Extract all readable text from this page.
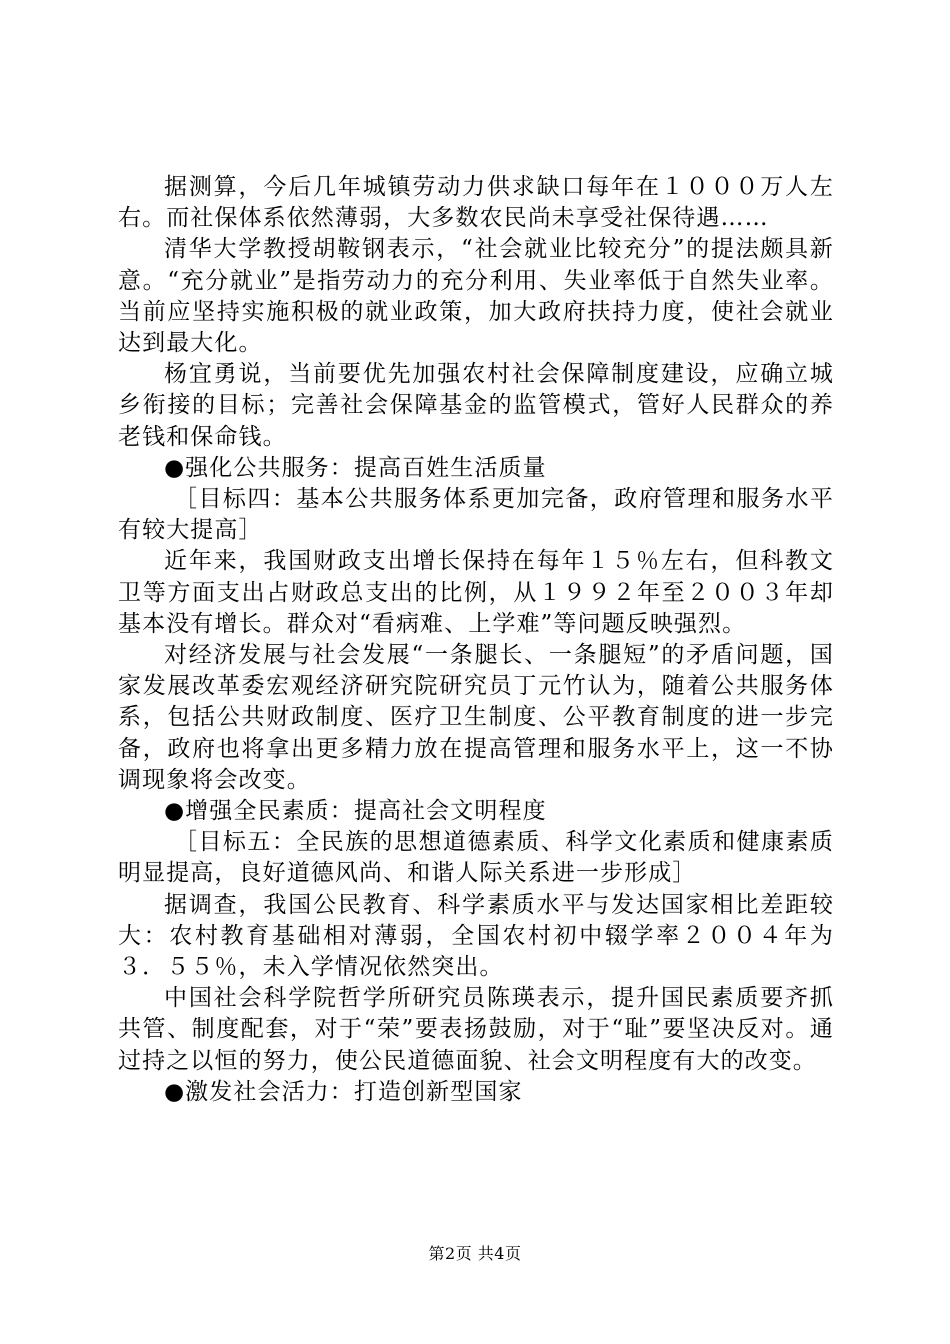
据测算，今后几年城镇劳动力供求缺口每年在１０００万人左右。而社保体系依然薄弱，大多数农民尚未享受社保待遇……

清华大学教授胡鞍钢表示，“社会就业比较充分”的提法颇具新意。“充分就业”是指劳动力的充分利用、失业率低于自然失业率。当前应坚持实施积极的就业政策，加大政府扶持力度，使社会就业达到最大化。

杨宜勇说，当前要优先加强农村社会保障制度建设，应确立城乡衔接的目标；完善社会保障基金的监管模式，管好人民群众的养老钱和保命钱。

●强化公共服务：提高百姓生活质量

［目标四：基本公共服务体系更加完备，政府管理和服务水平有较大提高］

近年来，我国财政支出增长保持在每年１５％左右，但科教文卫等方面支出占财政总支出的比例，从１９９２年至２００３年却基本没有增长。群众对“看病难、上学难”等问题反映强烈。

对经济发展与社会发展“一条腿长、一条腿短”的矛盾问题，国家发展改革委宏观经济研究院研究员丁元竹认为，随着公共服务体系，包括公共财政制度、医疗卫生制度、公平教育制度的进一步完备，政府也将拿出更多精力放在提高管理和服务水平上，这一不协调现象将会改变。

●增强全民素质：提高社会文明程度

［目标五：全民族的思想道德素质、科学文化素质和健康素质明显提高，良好道德风尚、和谐人际关系进一步形成］

据调查，我国公民教育、科学素质水平与发达国家相比差距较大：农村教育基础相对薄弱，全国农村初中辍学率２００４年为３．５５％，未入学情况依然突出。

中国社会科学院哲学所研究员陈瑛表示，提升国民素质要齐抓共管、制度配套，对于“荣”要表扬鼓励，对于“耻”要坚决反对。通过持之以恒的努力，使公民道德面貌、社会文明程度有大的改变。

●激发社会活力：打造创新型国家

第2页 共4页
